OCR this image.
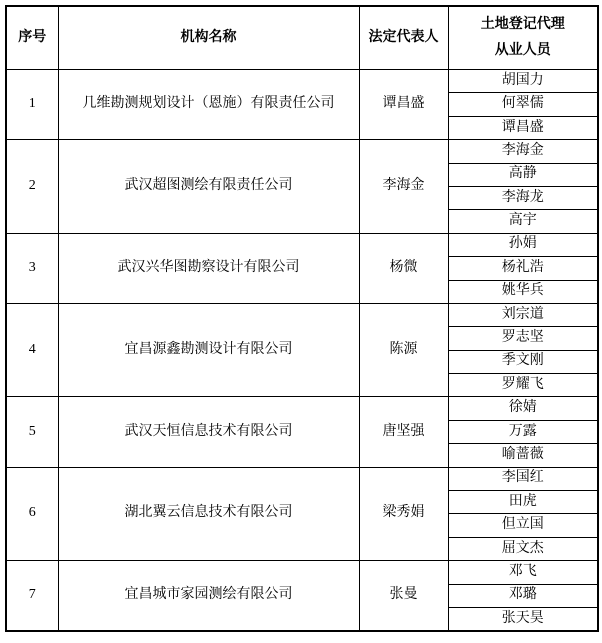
序号	机构名称	法定代表人	土地登记代理
从业人员

1	几维勘测规划设计（恩施）有限责任公司	谭昌盛	胡国力
			何翠儒
			谭昌盛
2	武汉超图测绘有限责任公司	李海金	李海金
			高静
			李海龙
			高宇
3	武汉兴华图勘察设计有限公司	杨微	孙娟
			杨礼浩
			姚华兵
4	宜昌源鑫勘测设计有限公司	陈源	刘宗道
			罗志坚
			季文刚
			罗耀飞
5	武汉天恒信息技术有限公司	唐坚强	徐婧
			万露
			喻蔷薇
6	湖北翼云信息技术有限公司	梁秀娟	李国红
			田虎
			但立国
			屈文杰
7	宜昌城市家园测绘有限公司	张曼	邓飞
			邓璐
			张天昊
